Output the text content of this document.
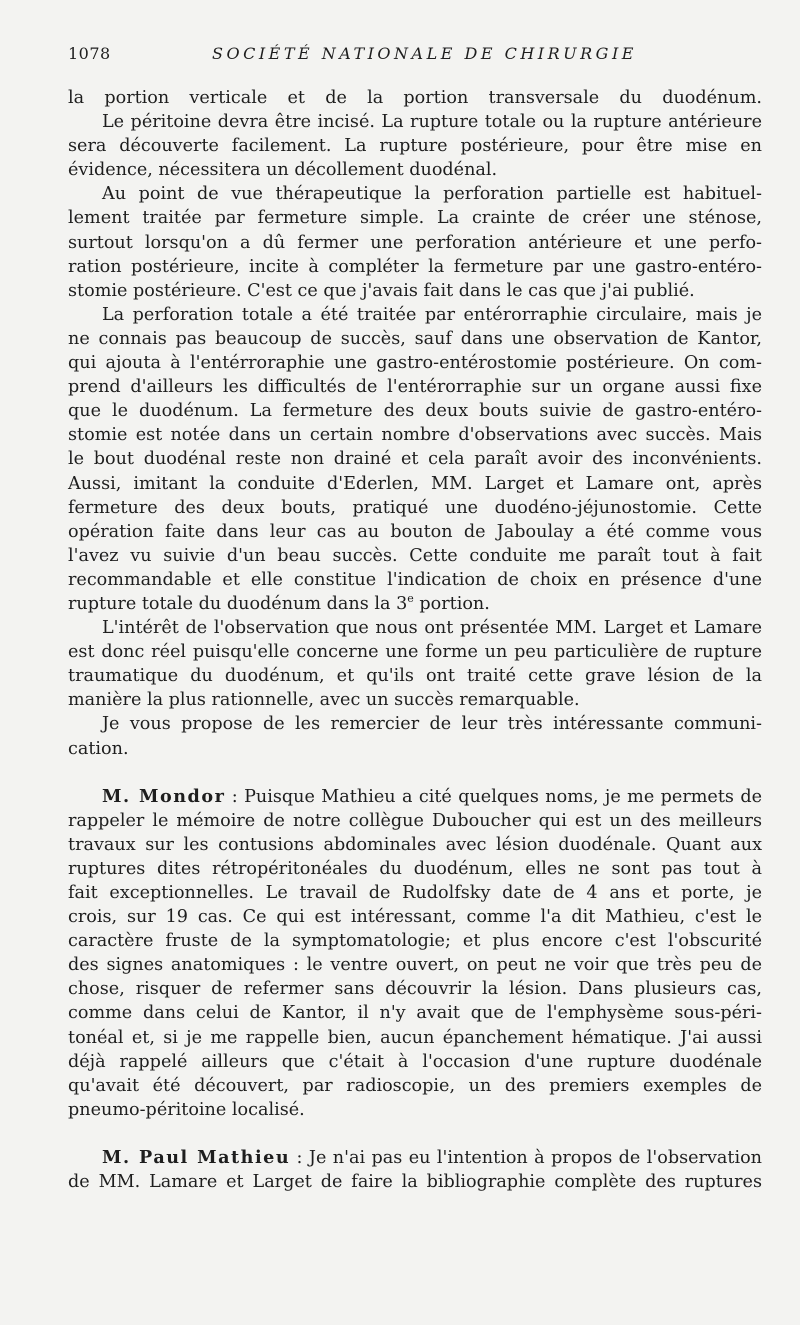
1078	SOCIÉTÉ NATIONALE DE CHIRURGIE
la portion verticale et de la portion transversale du duodénum.
Le péritoine devra être incisé. La rupture totale ou la rupture antérieure
sera découverte facilement. La rupture postérieure, pour être mise en
évidence, nécessitera un décollement duodénal.
Au point de vue thérapeutique la perforation partielle est habituel-
lement traitée par fermeture simple. La crainte de créer une sténose,
surtout lorsqu'on a dû fermer une perforation antérieure et une perfo-
ration postérieure, incite à compléter la fermeture par une gastro-entéro-
stomie postérieure. C'est ce que j'avais fait dans le cas que j'ai publié.
La perforation totale a été traitée par entérorraphie circulaire, mais je
ne connais pas beaucoup de succès, sauf dans une observation de Kantor,
qui ajouta à l'entérroraphie une gastro-entérostomie postérieure. On com-
prend d'ailleurs les difficultés de l'entérorraphie sur un organe aussi fixe
que le duodénum. La fermeture des deux bouts suivie de gastro-entéro-
stomie est notée dans un certain nombre d'observations avec succès. Mais
le bout duodénal reste non drainé et cela paraît avoir des inconvénients.
Aussi, imitant la conduite d'Ederlen, MM. Larget et Lamare ont, après
fermeture des deux bouts, pratiqué une duodéno-jéjunostomie. Cette
opération faite dans leur cas au bouton de Jaboulay a été comme vous
l'avez vu suivie d'un beau succès. Cette conduite me paraît tout à fait
recommandable et elle constitue l'indication de choix en présence d'une
rupture totale du duodénum dans la 3e portion.
L'intérêt de l'observation que nous ont présentée MM. Larget et Lamare
est donc réel puisqu'elle concerne une forme un peu particulière de rupture
traumatique du duodénum, et qu'ils ont traité cette grave lésion de la
manière la plus rationnelle, avec un succès remarquable.
Je vous propose de les remercier de leur très intéressante communi-
cation.
M. Mondor : Puisque Mathieu a cité quelques noms, je me permets de
rappeler le mémoire de notre collègue Duboucher qui est un des meilleurs
travaux sur les contusions abdominales avec lésion duodénale. Quant aux
ruptures dites rétropéritonéales du duodénum, elles ne sont pas tout à
fait exceptionnelles. Le travail de Rudolfsky date de 4 ans et porte, je
crois, sur 19 cas. Ce qui est intéressant, comme l'a dit Mathieu, c'est le
caractère fruste de la symptomatologie; et plus encore c'est l'obscurité
des signes anatomiques : le ventre ouvert, on peut ne voir que très peu de
chose, risquer de refermer sans découvrir la lésion. Dans plusieurs cas,
comme dans celui de Kantor, il n'y avait que de l'emphysème sous-péri-
tonéal et, si je me rappelle bien, aucun épanchement hématique. J'ai aussi
déjà rappelé ailleurs que c'était à l'occasion d'une rupture duodénale
qu'avait été découvert, par radioscopie, un des premiers exemples de
pneumo-péritoine localisé.
M. Paul Mathieu : Je n'ai pas eu l'intention à propos de l'observation
de MM. Lamare et Larget de faire la bibliographie complète des ruptures
